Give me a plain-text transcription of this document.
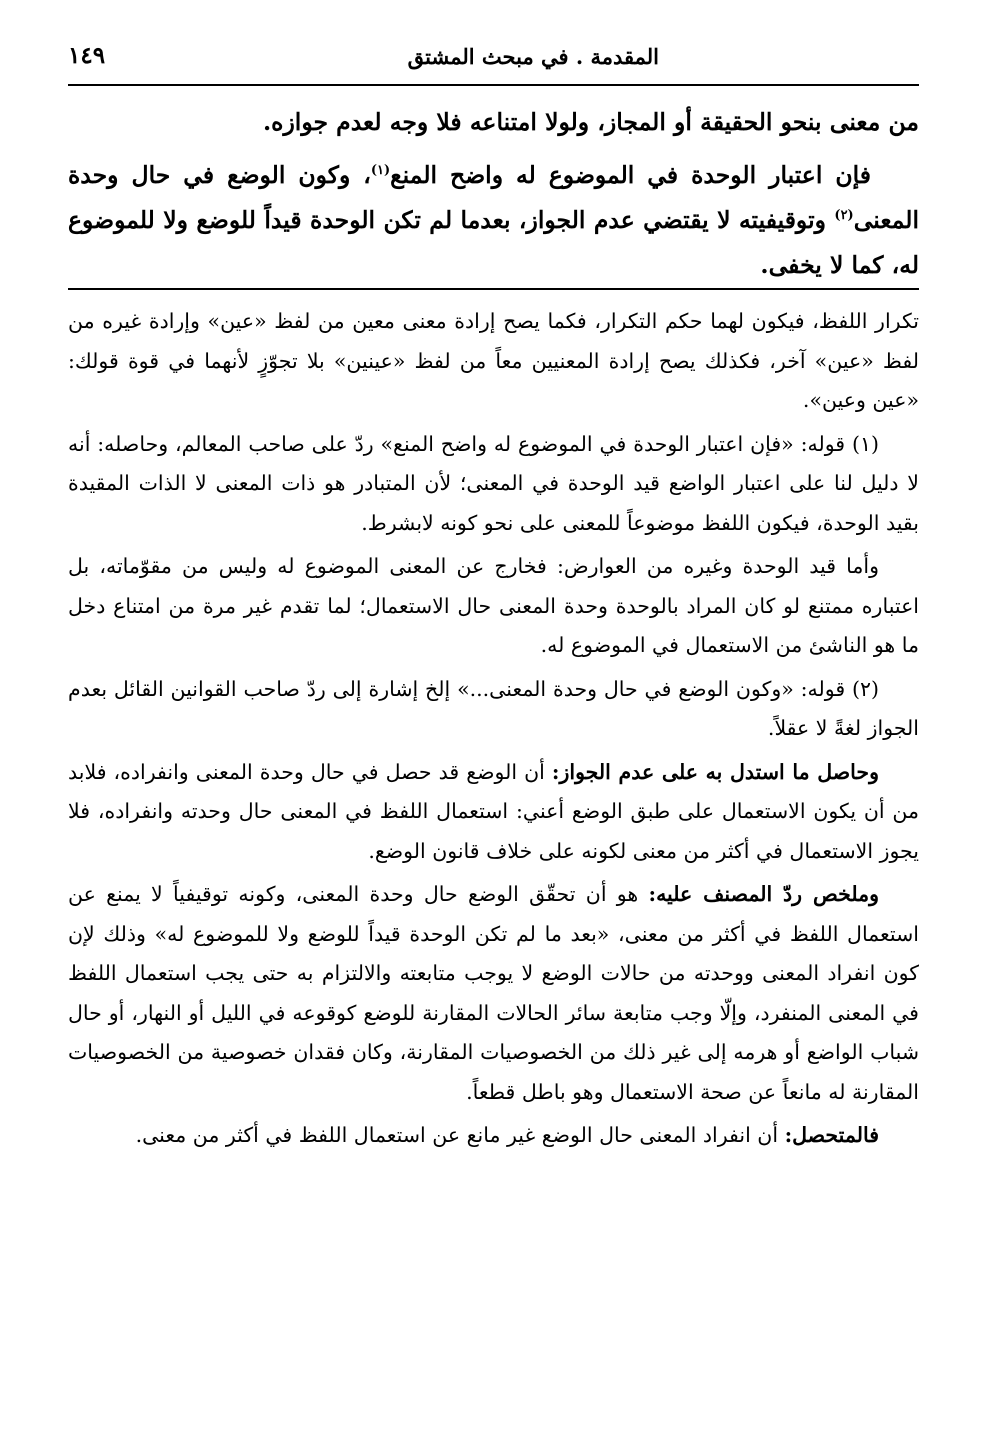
المقدمة . في مبحث المشتق
١٤٩

من معنى بنحو الحقيقة أو المجاز، ولولا امتناعه فلا وجه لعدم جوازه.

فإن اعتبار الوحدة في الموضوع له واضح المنع$^{(١)}$، وكون الوضع في حال وحدة المعنى$^{(٢)}$ وتوقيفيته لا يقتضي عدم الجواز، بعدما لم تكن الوحدة قيداً للوضع ولا للموضوع له، كما لا يخفى.

تكرار اللفظ، فيكون لهما حكم التكرار، فكما يصح إرادة معنى معين من لفظ «عين» وإرادة غيره من لفظ «عين» آخر، فكذلك يصح إرادة المعنيين معاً من لفظ «عينين» بلا تجوّزٍ لأنهما في قوة قولك: «عين وعين».

(١) قوله: «فإن اعتبار الوحدة في الموضوع له واضح المنع» ردّ على صاحب المعالم، وحاصله: أنه لا دليل لنا على اعتبار الواضع قيد الوحدة في المعنى؛ لأن المتبادر هو ذات المعنى لا الذات المقيدة بقيد الوحدة، فيكون اللفظ موضوعاً للمعنى على نحو كونه لابشرط.

وأما قيد الوحدة وغيره من العوارض: فخارج عن المعنى الموضوع له وليس من مقوّماته، بل اعتباره ممتنع لو كان المراد بالوحدة وحدة المعنى حال الاستعمال؛ لما تقدم غير مرة من امتناع دخل ما هو الناشئ من الاستعمال في الموضوع له.

(٢) قوله: «وكون الوضع في حال وحدة المعنى...» إلخ إشارة إلى ردّ صاحب القوانين القائل بعدم الجواز لغةً لا عقلاً.

وحاصل ما استدل به على عدم الجواز: أن الوضع قد حصل في حال وحدة المعنى وانفراده، فلابد من أن يكون الاستعمال على طبق الوضع أعني: استعمال اللفظ في المعنى حال وحدته وانفراده، فلا يجوز الاستعمال في أكثر من معنى لكونه على خلاف قانون الوضع.

وملخص ردّ المصنف عليه: هو أن تحقّق الوضع حال وحدة المعنى، وكونه توقيفياً لا يمنع عن استعمال اللفظ في أكثر من معنى، «بعد ما لم تكن الوحدة قيداً للوضع ولا للموضوع له» وذلك لإن كون انفراد المعنى ووحدته من حالات الوضع لا يوجب متابعته والالتزام به حتى يجب استعمال اللفظ في المعنى المنفرد، وإلّا وجب متابعة سائر الحالات المقارنة للوضع كوقوعه في الليل أو النهار، أو حال شباب الواضع أو هرمه إلى غير ذلك من الخصوصيات المقارنة، وكان فقدان خصوصية من الخصوصيات المقارنة له مانعاً عن صحة الاستعمال وهو باطل قطعاً.

فالمتحصل: أن انفراد المعنى حال الوضع غير مانع عن استعمال اللفظ في أكثر من معنى.
